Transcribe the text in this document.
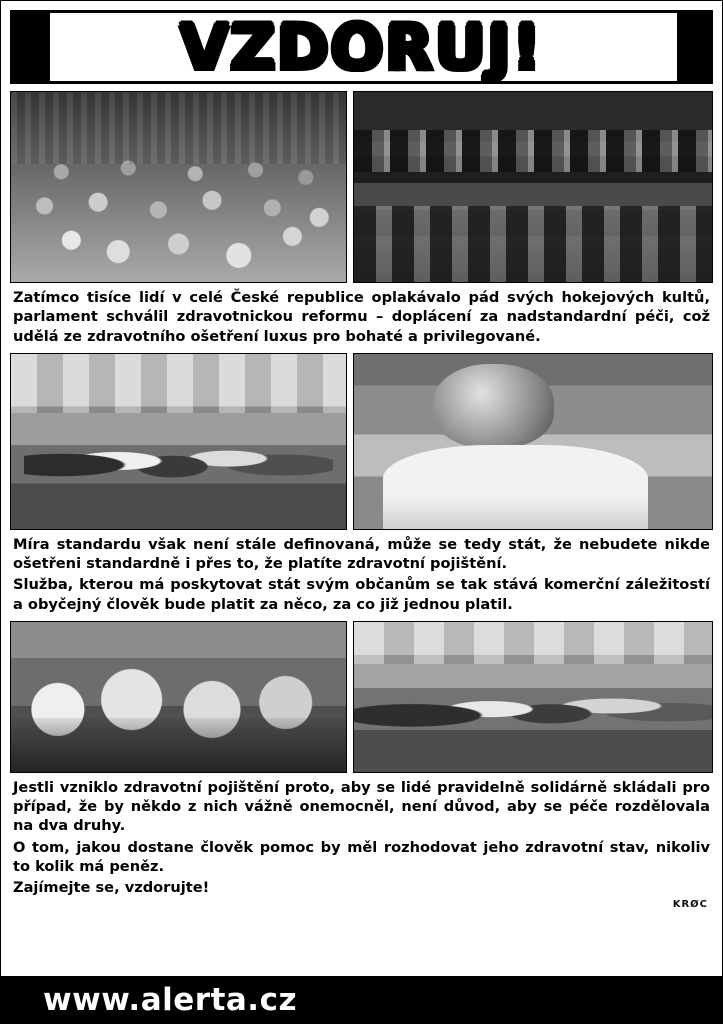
VZDORUJ!

Zatímco tisíce lidí v celé České republice oplakávalo pád svých hokejových kultů, parlament schválil zdravotnickou reformu – doplácení za nadstandardní péči, což udělá ze zdravotního ošetření luxus pro bohaté a privilegované.

Míra standardu však není stále definovaná, může se tedy stát, že nebudete nikde ošetřeni standardně i přes to, že platíte zdravotní pojištění.

Služba, kterou má poskytovat stát svým občanům se tak stává komerční záležitostí a obyčejný člověk bude platit za něco, za co již jednou platil.

Jestli vzniklo zdravotní pojištění proto, aby se lidé pravidelně solidárně skládali pro případ, že by někdo z nich vážně onemocněl, není důvod, aby se péče rozdělovala na dva druhy.

O tom, jakou dostane člověk pomoc by měl rozhodovat jeho zdravotní stav, nikoliv to kolik má peněz.

Zajímejte se, vzdorujte!

KRØC
www.alerta.cz
